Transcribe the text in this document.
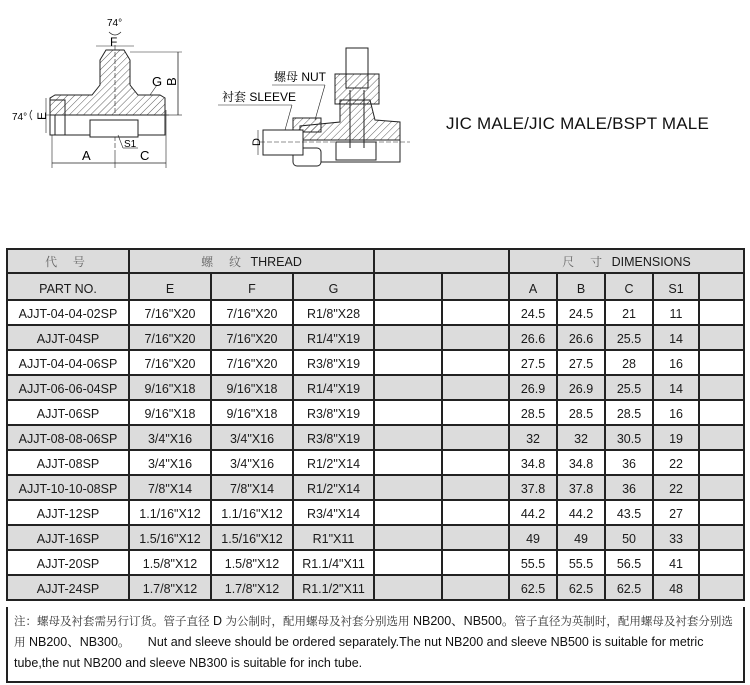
74°
F
74° E
G B
A	C
S1
螺母 NUT
衬套 SLEEVE
D
JIC MALE/JIC MALE/BSPT MALE
代 号	螺 纹 THREAD					尺 寸 DIMENSIONS				
PART NO.	E	F	G			A	B	C	S1	
AJJT-04-04-02SP	7/16"X20	7/16"X20	R1/8"X28			24.5	24.5	21	11	
AJJT-04SP	7/16"X20	7/16"X20	R1/4"X19			26.6	26.6	25.5	14	
AJJT-04-04-06SP	7/16"X20	7/16"X20	R3/8"X19			27.5	27.5	28	16	
AJJT-06-06-04SP	9/16"X18	9/16"X18	R1/4"X19			26.9	26.9	25.5	14	
AJJT-06SP	9/16"X18	9/16"X18	R3/8"X19			28.5	28.5	28.5	16	
AJJT-08-08-06SP	3/4"X16	3/4"X16	R3/8"X19			32	32	30.5	19	
AJJT-08SP	3/4"X16	3/4"X16	R1/2"X14			34.8	34.8	36	22	
AJJT-10-10-08SP	7/8"X14	7/8"X14	R1/2"X14			37.8	37.8	36	22	
AJJT-12SP	1.1/16"X12	1.1/16"X12	R3/4"X14			44.2	44.2	43.5	27	
AJJT-16SP	1.5/16"X12	1.5/16"X12	R1"X11			49	49	50	33	
AJJT-20SP	1.5/8"X12	1.5/8"X12	R1.1/4"X11			55.5	55.5	56.5	41	
AJJT-24SP	1.7/8"X12	1.7/8"X12	R1.1/2"X11			62.5	62.5	62.5	48	
注：螺母及衬套需另行订货。管子直径 D 为公制时，配用螺母及衬套分别选用 NB200、NB500。管子直径为英制时，配用螺母及衬套分别选用 NB200、NB300。 Nut and sleeve should be ordered separately.The nut NB200 and sleeve NB500 is suitable for metric tube,the nut NB200 and sleeve NB300 is suitable for inch tube.
